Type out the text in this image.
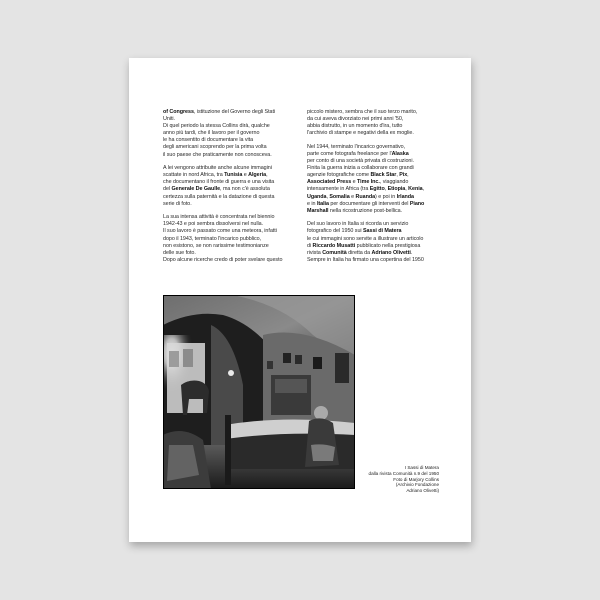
of Congress, istituzione del Governo degli Stati
Uniti.
Di quel periodo la stessa Collins dirà, qualche
anno più tardi, che il lavoro per il governo
le ha consentito di documentare la vita
degli americani scoprendo per la prima volta
il suo paese che praticamente non conosceva.

A lei vengono attribuite anche alcune immagini
scattate in nord Africa, tra Tunisia e Algeria,
che documentano il fronte di guerra e una visita
del Generale De Gaulle, ma non c'è assoluta
certezza sulla paternità e la datazione di questa
serie di foto.

La sua intensa attività è concentrata nel biennio
1942-43 e poi sembra dissolversi nel nulla.
Il suo lavoro è passato come una meteora, infatti
dopo il 1943, terminato l'incarico pubblico,
non esistono, se non rarissime testimonianze
delle sue foto.
Dopo alcune ricerche credo di poter svelare questo

piccolo mistero, sembra che il suo terzo marito,
da cui aveva divorziato nei primi anni '50,
abbia distrutto, in un momento d'ira, tutto
l'archivio di stampe e negativi della ex moglie.

Nel 1944, terminato l'incarico governativo,
parte come fotografa freelance per l'Alaska
per conto di una società privata di costruzioni.
Finita la guerra inizia a collaborare con grandi
agenzie fotografiche come Black Star, Pix,
Associated Press e Time Inc., viaggiando
intensamente in Africa (tra Egitto, Etiopia, Kenia,
Uganda, Somalia e Ruanda) e poi in Irlanda
e in Italia per documentare gli interventi del Piano
Marshall nella ricostruzione post-bellica.

Del suo lavoro in Italia si ricorda un servizio
fotografico del 1950 sui Sassi di Matera
le cui immagini sono servite a illustrare un articolo
di Riccardo Musatti pubblicato nella prestigiosa
rivista Comunità diretta da Adriano Olivetti.
Sempre in Italia ha firmato una copertina del 1950

I Sassi di Matera
dalla rivista Comunità n.9 del 1950
Foto di Marjory Collins
(Archivio Fondazione
Adriano Olivetti)
